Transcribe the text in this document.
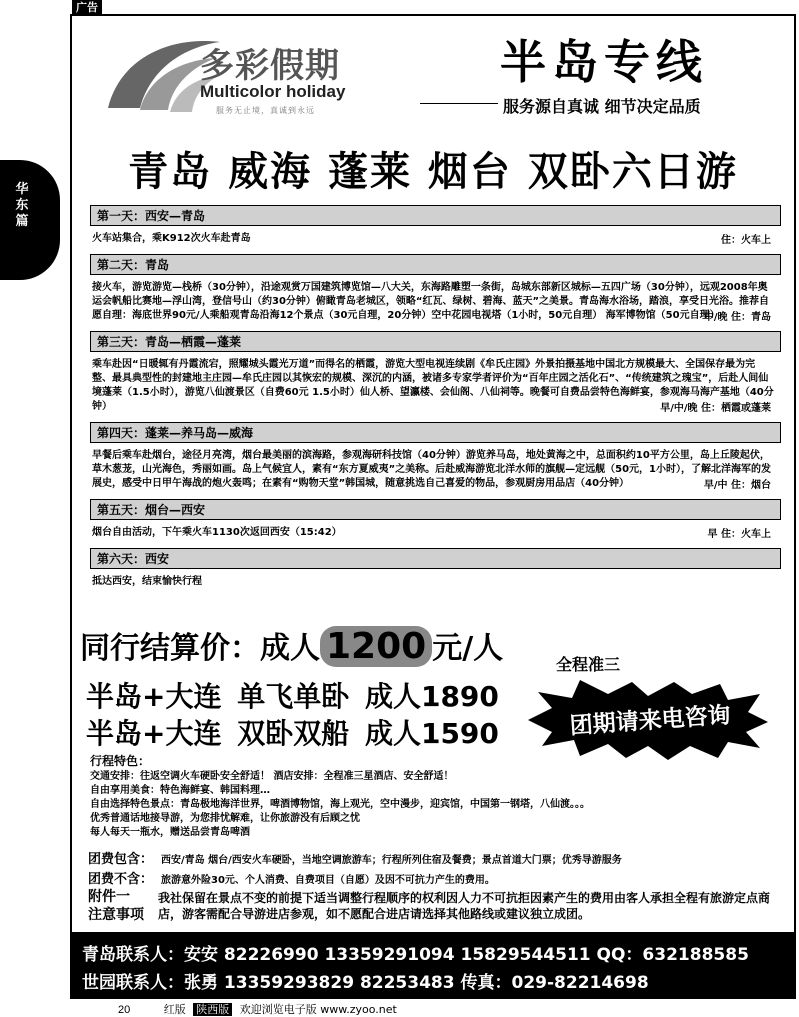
广告
华东篇
多彩假期
Multicolor holiday
服务无止境，真诚到永远
半岛专线
服务源自真诚 细节决定品质
青岛 威海 蓬莱 烟台 双卧六日游
第一天：西安—青岛
火车站集合，乘K912次火车赴青岛	住：火车上
第二天：青岛
接火车，游览游览—栈桥（30分钟），沿途观赏万国建筑博览馆—八大关，东海路雕塑一条街，岛城东部新区城标—五四广场（30分钟），远观2008年奥运会帆船比赛地—浮山湾，登信号山（约30分钟）俯瞰青岛老城区，领略“红瓦、绿树、碧海、蓝天”之美景。青岛海水浴场，踏浪，享受日光浴。推荐自愿自理：海底世界90元/人乘船观青岛沿海12个景点（30元自理，20分钟）空中花园电视塔（1小时，50元自理） 海军博物馆（50元自理）
中/晚 住：青岛
第三天：青岛—栖霞—蓬莱
乘车赴因“日暖辄有丹霞流宕，照耀城头霞光万道”而得名的栖霞，游览大型电视连续剧《牟氏庄园》外景拍摄基地中国北方规模最大、全国保存最为完整、最具典型性的封建地主庄园—牟氏庄园以其恢宏的规模、深沉的内涵，被诸多专家学者评价为“百年庄园之活化石”、“传统建筑之瑰宝”，后赴人间仙境蓬莱（1.5小时），游览八仙渡景区（自费60元 1.5小时）仙人桥、望瀛楼、会仙阁、八仙祠等。晚餐可自费品尝特色海鲜宴，参观海马海产基地（40分钟）	早/中/晚 住：栖霞或蓬莱
第四天：蓬莱—养马岛—威海
早餐后乘车赴烟台，途径月亮湾，烟台最美丽的滨海路，参观海研科技馆（40分钟）游览养马岛，地处黄海之中，总面积约10平方公里，岛上丘陵起伏，草木葱茏，山光海色，秀丽如画。岛上气候宜人，素有“东方夏威夷”之美称。后赴威海游览北洋水师的旗舰—定远舰（50元，1小时），了解北洋海军的发展史，感受中日甲午海战的炮火轰鸣；在素有“购物天堂”韩国城，随意挑选自己喜爱的物品，参观厨房用品店（40分钟）	早/中 住：烟台
第五天：烟台—西安
烟台自由活动，下午乘火车1130次返回西安（15:42）	早 住：火车上
第六天：西安
抵达西安，结束愉快行程
同行结算价：成人 1200 元/人
半岛+大连 单飞单卧 成人1890
半岛+大连 双卧双船 成人1590
全程准三
团期请来电咨询
行程特色：
交通安排：往返空调火车硬卧安全舒适！ 酒店安排：全程准三星酒店、安全舒适！
自由享用美食：特色海鲜宴、韩国料理…
自由选择特色景点：青岛极地海洋世界，啤酒博物馆，海上观光，空中漫步，迎宾馆，中国第一钢塔，八仙渡。。。
优秀普通话地接导游，为您排忧解难，让你旅游没有后顾之忧
每人每天一瓶水，赠送品尝青岛啤酒
团费包含： 西安/青岛 烟台/西安火车硬卧，当地空调旅游车；行程所列住宿及餐费；景点首道大门票；优秀导游服务
团费不含： 旅游意外险30元、个人消费、自费项目（自愿）及因不可抗力产生的费用。
附件一
注意事项
我社保留在景点不变的前提下适当调整行程顺序的权利因人力不可抗拒因素产生的费用由客人承担全程有旅游定点商店，游客需配合导游进店参观，如不愿配合进店请选择其他路线或建议独立成团。
青岛联系人：安安 82226990 13359291094 15829544511 QQ：632188585
世园联系人：张勇 13359293829 82253483 传真：029-82214698
20	红版 陕西版 欢迎浏览电子版 www.zyoo.net
